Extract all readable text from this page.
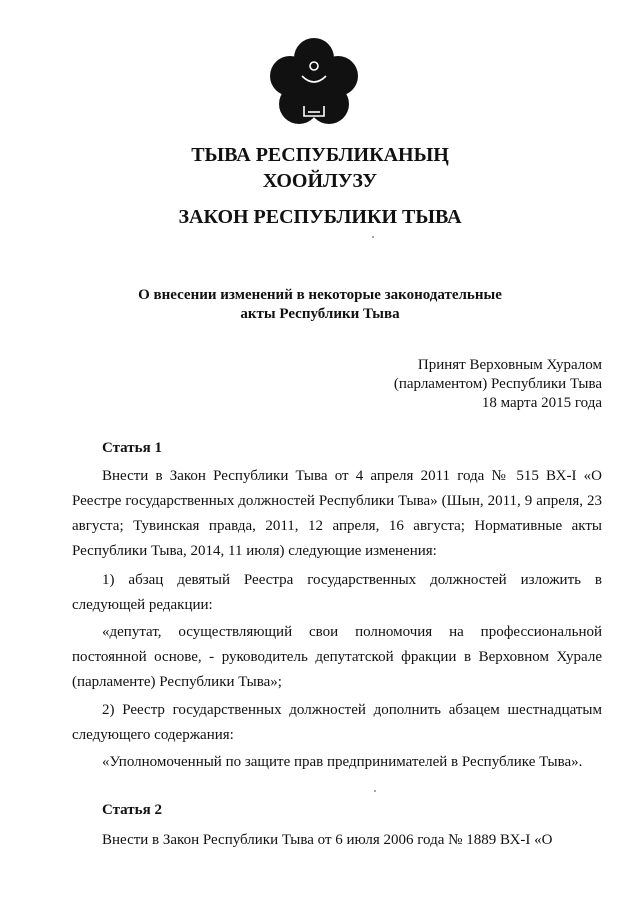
ТЫВА РЕСПУБЛИКАНЫҢ
ХООЙЛУЗУ
ЗАКОН РЕСПУБЛИКИ ТЫВА
О внесении изменений в некоторые законодательные
акты Республики Тыва
Принят Верховным Хуралом
(парламентом) Республики Тыва
18 марта 2015 года
Статья 1

Внести в Закон Республики Тыва от 4 апреля 2011 года № 515 ВХ-I «О Реестре государственных должностей Республики Тыва» (Шын, 2011, 9 апреля, 23 августа; Тувинская правда, 2011, 12 апреля, 16 августа; Нормативные акты Республики Тыва, 2014, 11 июля) следующие изменения:

1) абзац девятый Реестра государственных должностей изложить в следующей редакции:

«депутат, осуществляющий свои полномочия на профессиональной постоянной основе, - руководитель депутатской фракции в Верховном Хурале (парламенте) Республики Тыва»;

2) Реестр государственных должностей дополнить абзацем шестнадцатым следующего содержания:

«Уполномоченный по защите прав предпринимателей в Республике Тыва».

Статья 2

Внести в Закон Республики Тыва от 6 июля 2006 года № 1889 ВХ-I «О
